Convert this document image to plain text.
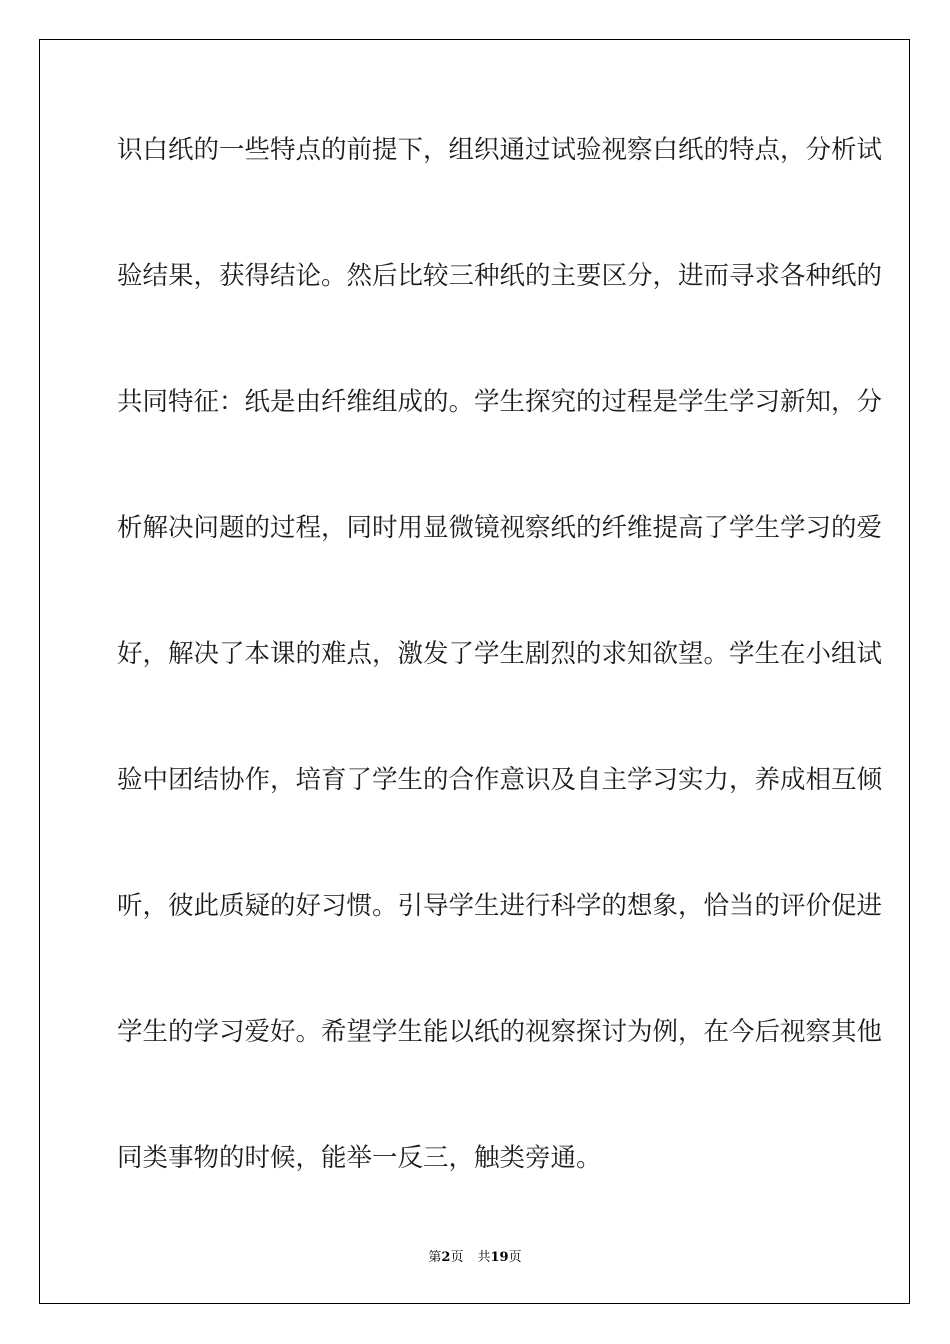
识白纸的一些特点的前提下，组织通过试验视察白纸的特点，分析试
验结果，获得结论。然后比较三种纸的主要区分，进而寻求各种纸的
共同特征：纸是由纤维组成的。学生探究的过程是学生学习新知，分
析解决问题的过程，同时用显微镜视察纸的纤维提高了学生学习的爱
好，解决了本课的难点，激发了学生剧烈的求知欲望。学生在小组试
验中团结协作，培育了学生的合作意识及自主学习实力，养成相互倾
听，彼此质疑的好习惯。引导学生进行科学的想象，恰当的评价促进
学生的学习爱好。希望学生能以纸的视察探讨为例，在今后视察其他
同类事物的时候，能举一反三，触类旁通。
第2页 共19页
